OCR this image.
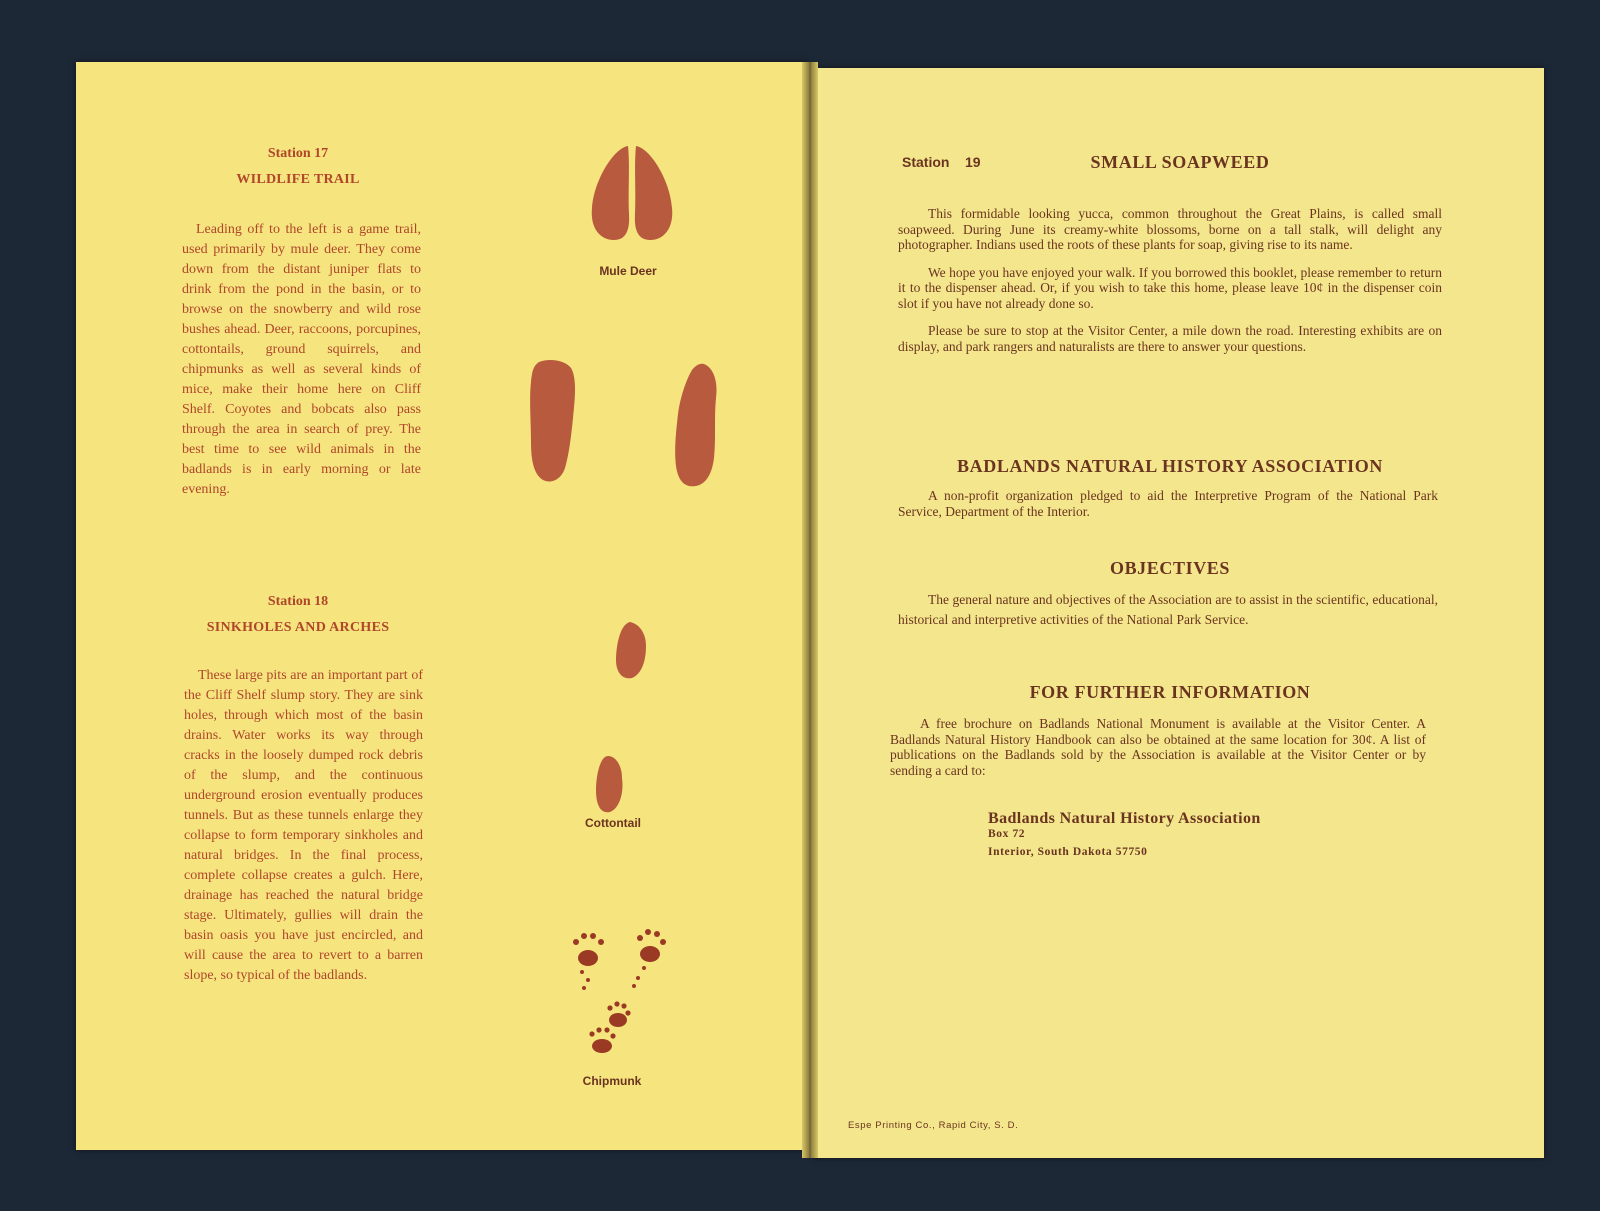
Station 17
WILDLIFE TRAIL
Leading off to the left is a game trail, used primarily by mule deer. They come down from the distant juniper flats to drink from the pond in the basin, or to browse on the snowberry and wild rose bushes ahead. Deer, raccoons, porcupines, cottontails, ground squirrels, and chipmunks as well as several kinds of mice, make their home here on Cliff Shelf. Coyotes and bobcats also pass through the area in search of prey. The best time to see wild animals in the badlands is in early morning or late evening.
Station 18
SINKHOLES AND ARCHES
These large pits are an important part of the Cliff Shelf slump story. They are sink holes, through which most of the basin drains. Water works its way through cracks in the loosely dumped rock debris of the slump, and the continuous underground erosion eventually produces tunnels. But as these tunnels enlarge they collapse to form temporary sinkholes and natural bridges. In the final process, complete collapse creates a gulch. Here, drainage has reached the natural bridge stage. Ultimately, gullies will drain the basin oasis you have just encircled, and will cause the area to revert to a barren slope, so typical of the badlands.
Mule Deer
Cottontail
Chipmunk
Station 19	SMALL SOAPWEED

This formidable looking yucca, common throughout the Great Plains, is called small soapweed. During June its creamy-white blossoms, borne on a tall stalk, will delight any photographer. Indians used the roots of these plants for soap, giving rise to its name.

We hope you have enjoyed your walk. If you borrowed this booklet, please remember to return it to the dispenser ahead. Or, if you wish to take this home, please leave 10¢ in the dispenser coin slot if you have not already done so.

Please be sure to stop at the Visitor Center, a mile down the road. Interesting exhibits are on display, and park rangers and naturalists are there to answer your questions.

BADLANDS NATURAL HISTORY ASSOCIATION
A non-profit organization pledged to aid the Interpretive Program of the National Park Service, Department of the Interior.
OBJECTIVES
The general nature and objectives of the Association are to assist in the scientific, educational, historical and interpretive activities of the National Park Service.
FOR FURTHER INFORMATION
A free brochure on Badlands National Monument is available at the Visitor Center. A Badlands Natural History Handbook can also be obtained at the same location for 30¢. A list of publications on the Badlands sold by the Association is available at the Visitor Center or by sending a card to:
Badlands Natural History Association
Box 72
Interior, South Dakota 57750
Espe Printing Co., Rapid City, S. D.
